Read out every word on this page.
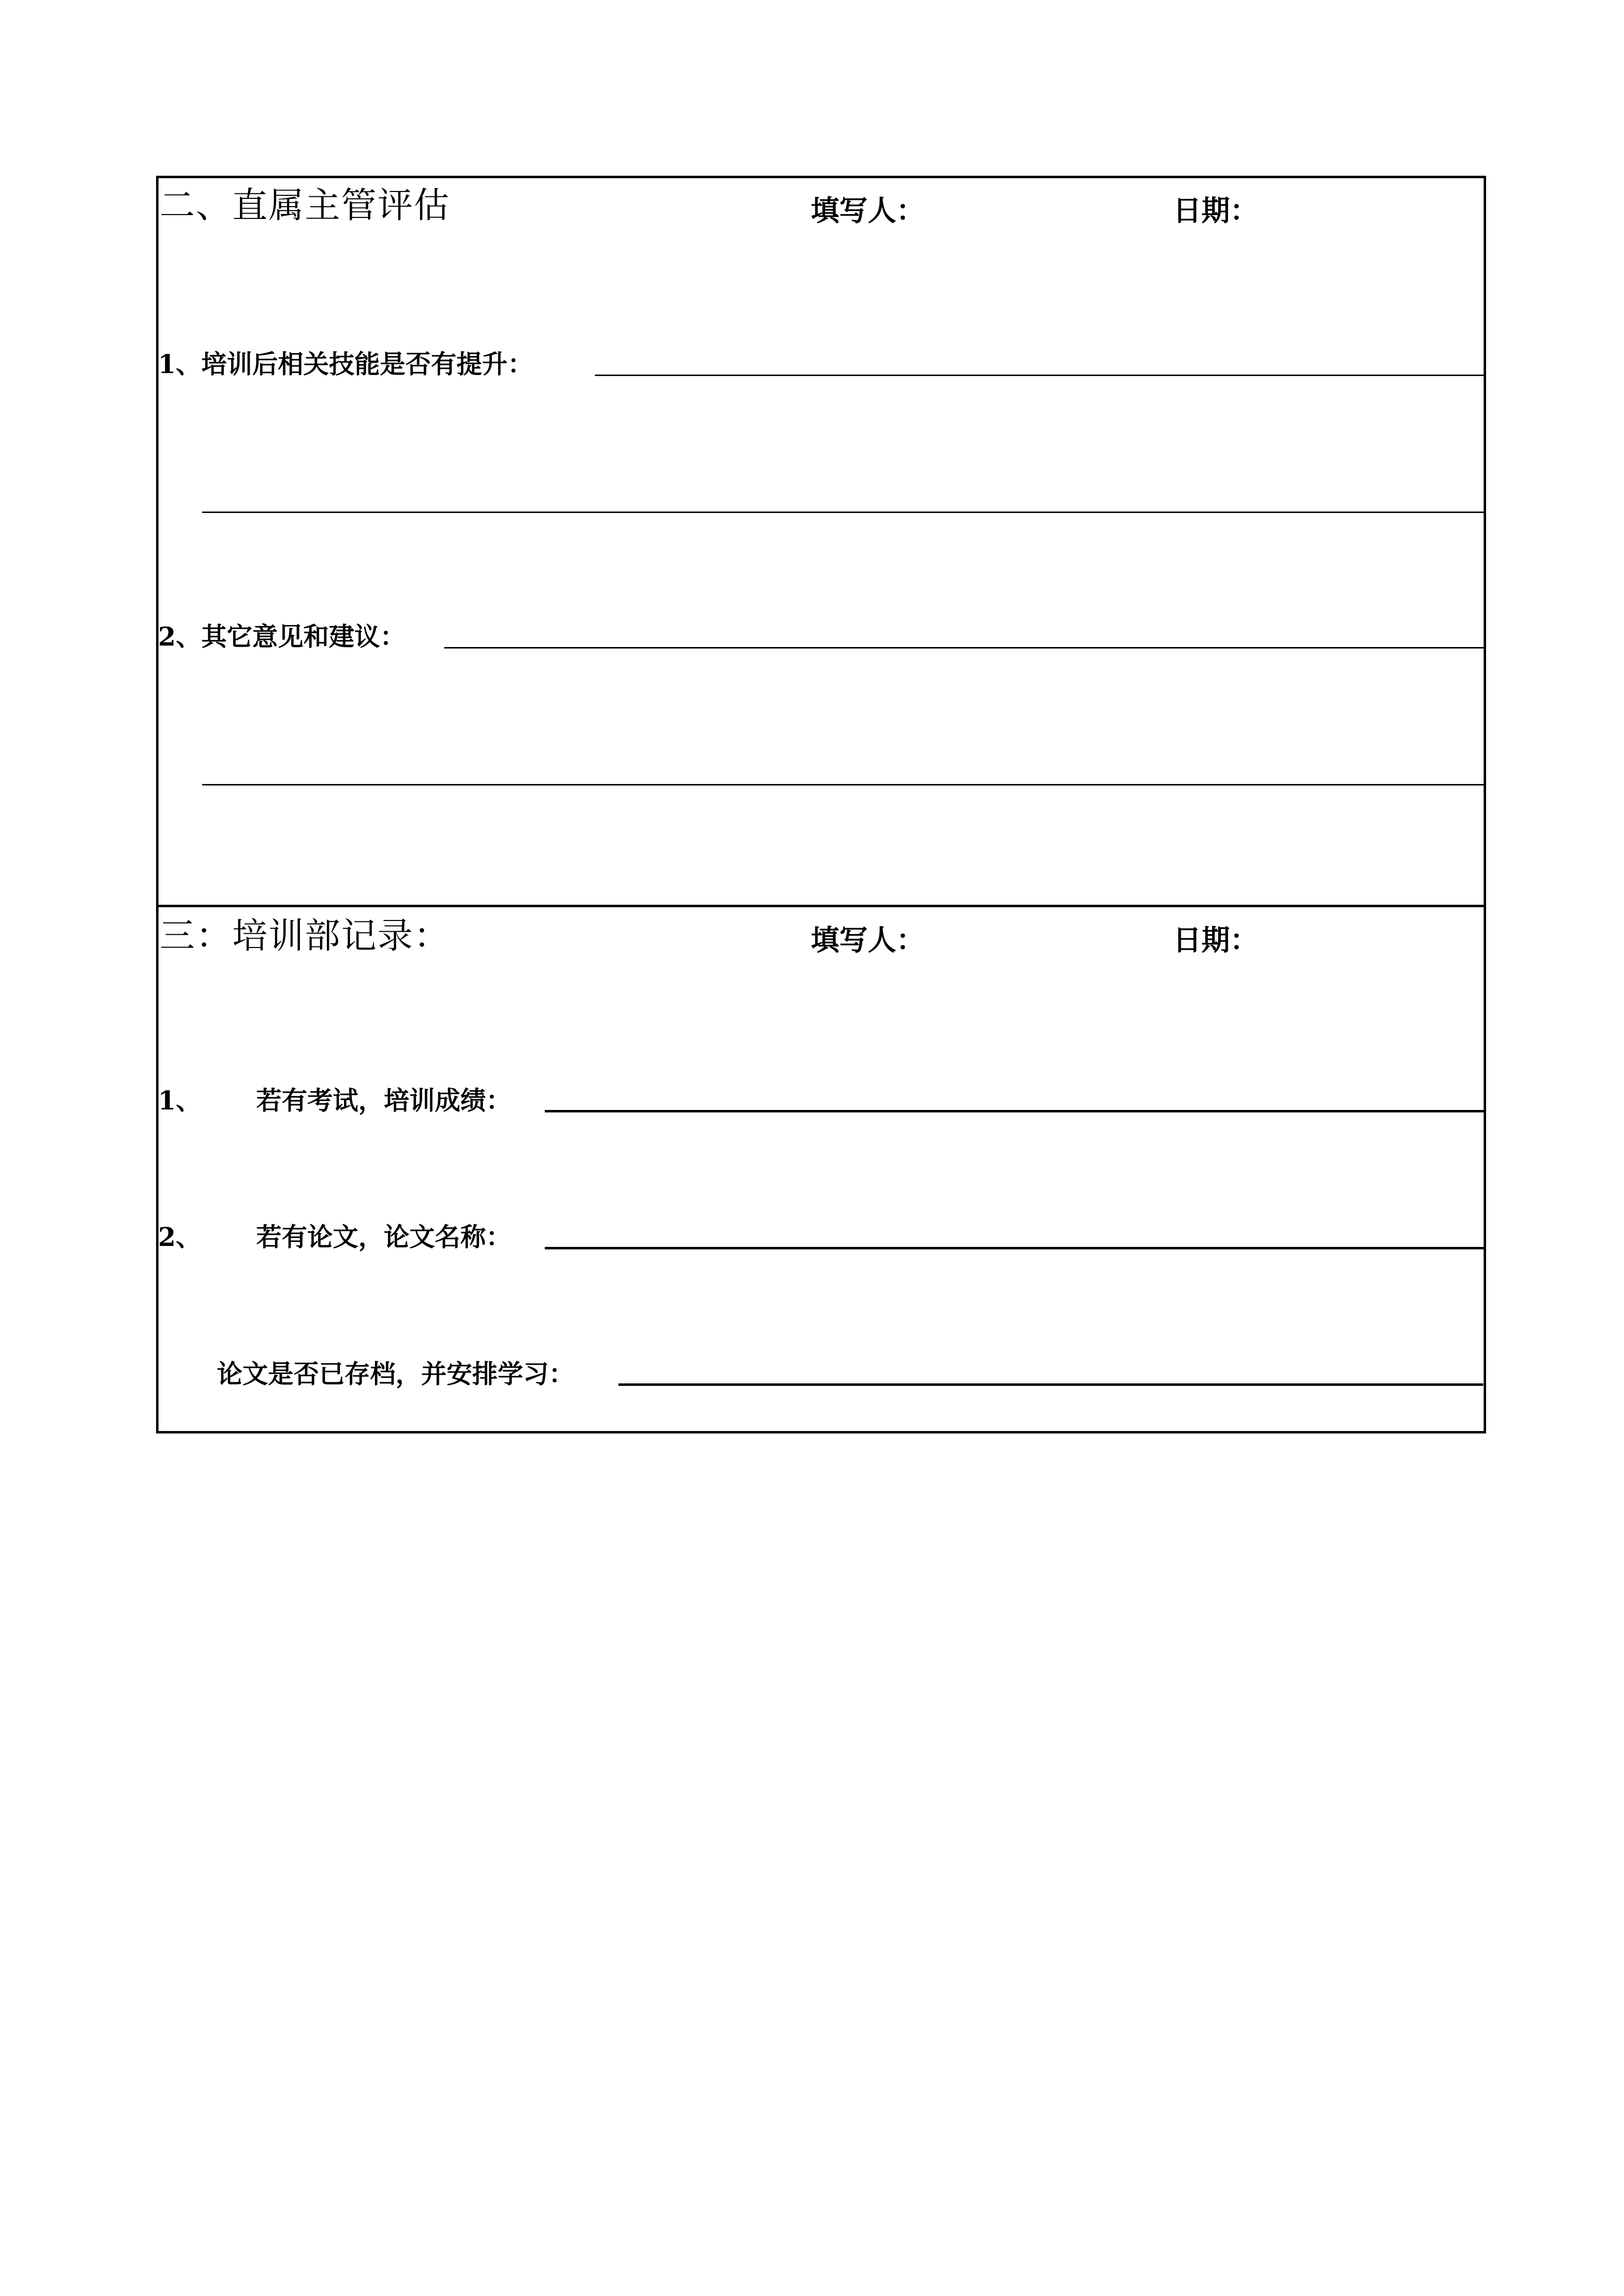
二、直属主管评估	填写人：	日期：
1、培训后相关技能是否有提升：
2、其它意见和建议：
三：培训部记录：	填写人：	日期：
1、 若有考试，培训成绩：
2、 若有论文，论文名称：
论文是否已存档，并安排学习：
